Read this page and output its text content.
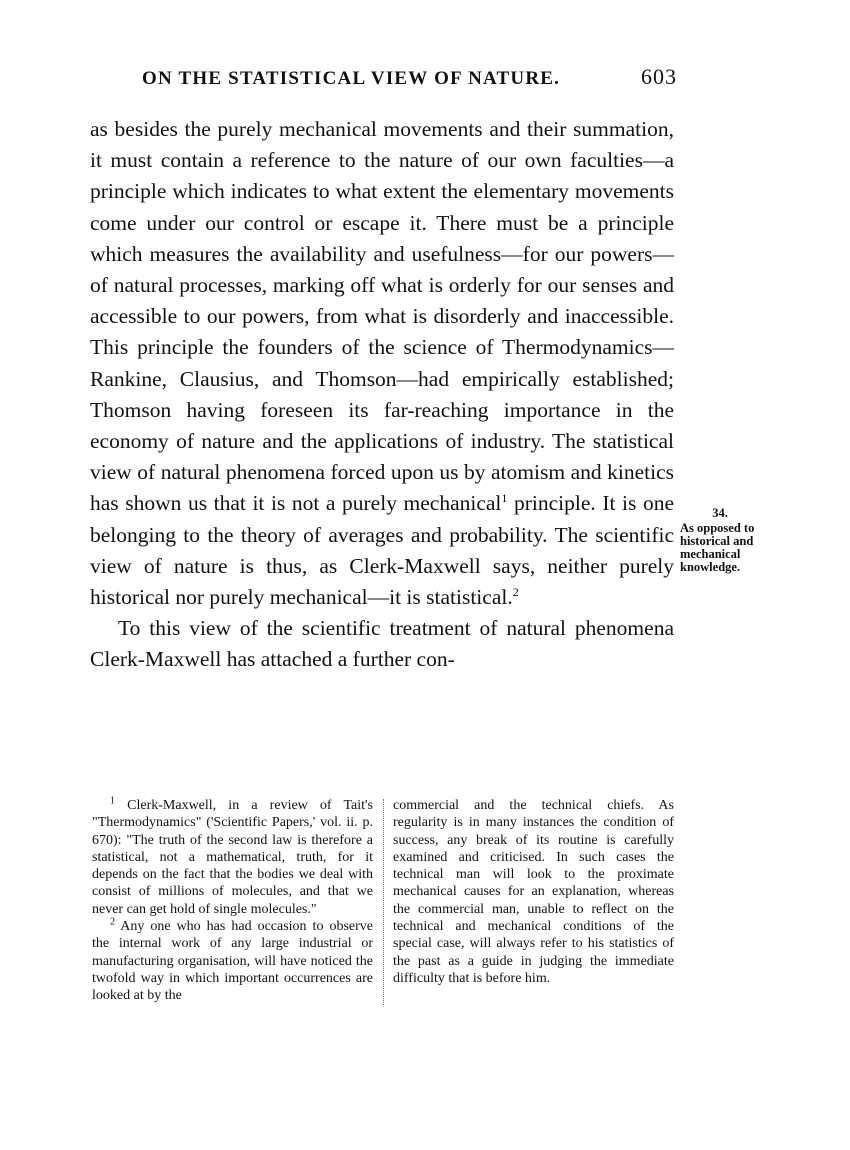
ON THE STATISTICAL VIEW OF NATURE.	603

as besides the purely mechanical movements and their summation, it must contain a reference to the nature of our own faculties—a principle which indicates to what extent the elementary movements come under our control or escape it. There must be a principle which measures the availability and usefulness—for our powers—of natural processes, marking off what is orderly for our senses and accessible to our powers, from what is disorderly and inaccessible. This principle the founders of the science of Thermodynamics—Rankine, Clausius, and Thomson—had empirically established; Thomson having foreseen its far-reaching importance in the economy of nature and the applications of industry. The statistical view of natural phenomena forced upon us by atomism and kinetics has shown us that it is not a purely mechanical$^1$ principle. It is one belonging to the theory of averages and probability. The scientific view of nature is thus, as Clerk-Maxwell says, neither purely historical nor purely mechanical—it is statistical.$^2$

To this view of the scientific treatment of natural phenomena Clerk-Maxwell has attached a further con-

34.
As opposed to historical and mechanical knowledge.

$^1$ Clerk-Maxwell, in a review of Tait's "Thermodynamics" ('Scientific Papers,' vol. ii. p. 670): "The truth of the second law is therefore a statistical, not a mathematical, truth, for it depends on the fact that the bodies we deal with consist of millions of molecules, and that we never can get hold of single molecules."

$^2$ Any one who has had occasion to observe the internal work of any large industrial or manufacturing organisation, will have noticed the twofold way in which important occurrences are looked at by the

commercial and the technical chiefs. As regularity is in many instances the condition of success, any break of its routine is carefully examined and criticised. In such cases the technical man will look to the proximate mechanical causes for an explanation, whereas the commercial man, unable to reflect on the technical and mechanical conditions of the special case, will always refer to his statistics of the past as a guide in judging the immediate difficulty that is before him.
